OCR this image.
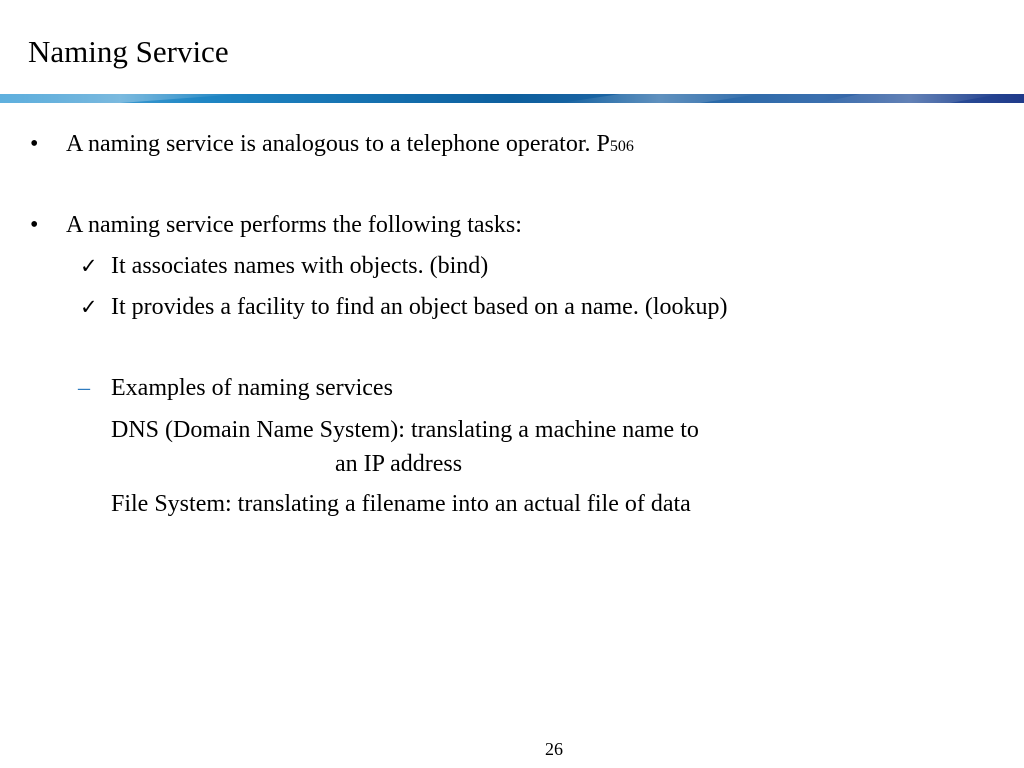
Naming Service
• A naming service is analogous to a telephone operator. P506
• A naming service performs the following tasks:
✓ It associates names with objects. (bind)
✓ It provides a facility to find an object based on a name. (lookup)
– Examples of naming services
DNS (Domain Name System): translating a machine name to
an IP address
File System: translating a filename into an actual file of data
26
